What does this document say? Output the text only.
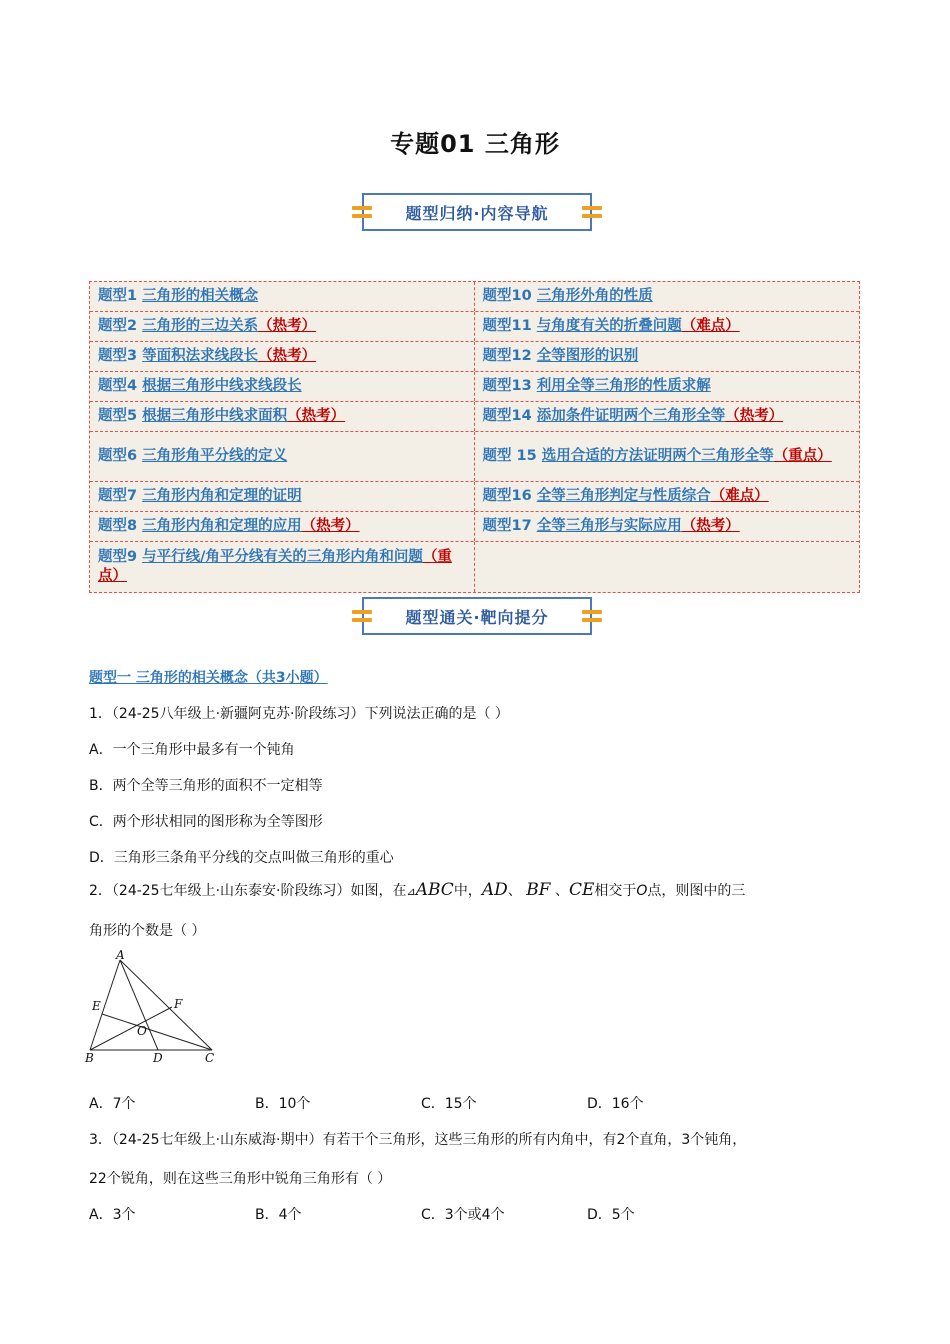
专题01 三角形
题型归纳·内容导航
题型1 三角形的相关概念	题型10 三角形外角的性质
题型2 三角形的三边关系（热考）	题型11 与角度有关的折叠问题（难点）
题型3 等面积法求线段长（热考）	题型12 全等图形的识别
题型4 根据三角形中线求线段长	题型13 利用全等三角形的性质求解
题型5 根据三角形中线求面积（热考）	题型14 添加条件证明两个三角形全等（热考）
题型6 三角形角平分线的定义	题型 15 选用合适的方法证明两个三角形全等（重点）
题型7 三角形内角和定理的证明	题型16 全等三角形判定与性质综合（难点）
题型8 三角形内角和定理的应用（热考）	题型17 全等三角形与实际应用（热考）
题型9 与平行线/角平分线有关的三角形内角和问题（重点）
题型通关·靶向提分
题型一 三角形的相关概念（共3小题）
1．（24-25八年级上·新疆阿克苏·阶段练习）下列说法正确的是（ ）
A．一个三角形中最多有一个钝角
B．两个全等三角形的面积不一定相等
C．两个形状相同的图形称为全等图形
D．三角形三条角平分线的交点叫做三角形的重心
2．（24-25七年级上·山东泰安·阶段练习）如图，在⊿ABC中，AD、 BF 、CE相交于O点，则图中的三
角形的个数是（ ）
A
B	C
D
E	F
O
A．7个	B．10个	C．15个	D．16个
3．（24-25七年级上·山东威海·期中）有若干个三角形，这些三角形的所有内角中，有2个直角，3个钝角，
22个锐角，则在这些三角形中锐角三角形有（ ）
A．3个	B．4个	C．3个或4个	D．5个
